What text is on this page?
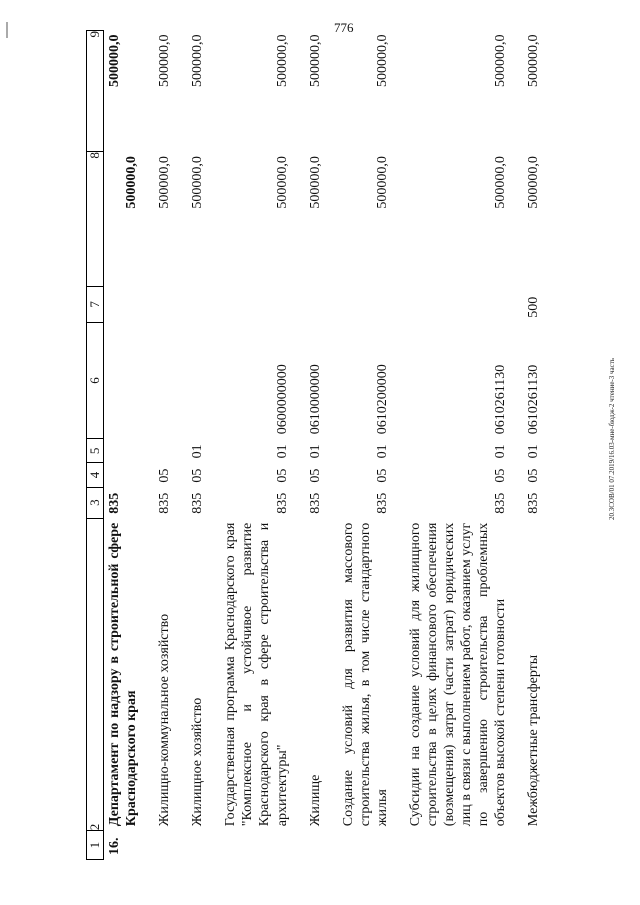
776
1	2	3	4	5	6	7	8	9
16.	Департамент по надзору в строительной сфере Краснодарского края	835					500000,0	500000,0
	Жилищно-коммунальное хозяйство	835	05				500000,0	500000,0
	Жилищное хозяйство	835	05	01			500000,0	500000,0
	Государственная программа Краснодарского края "Комплексное и устойчивое развитие Краснодарского края в сфере строительства и архитектуры"	835	05	01	0600000000		500000,0	500000,0
	Жилище	835	05	01	0610000000		500000,0	500000,0
	Создание условий для развития массового строительства жилья, в том числе стандартного жилья	835	05	01	0610200000		500000,0	500000,0
	Субсидии на создание условий для жилищного строительства в целях финансового обеспечения (возмещения) затрат (части затрат) юридических лиц в связи с выполнением работ, оказанием услуг по завершению строительства проблемных объектов высокой степени готовности	835	05	01	0610261130		500000,0	500000,0
	Межбюджетные трансферты	835	05	01	0610261130	500	500000,0	500000,0
20.3СОВ/01 07.2019/16.03-мне-бюдж-2 чтение-3 часть
